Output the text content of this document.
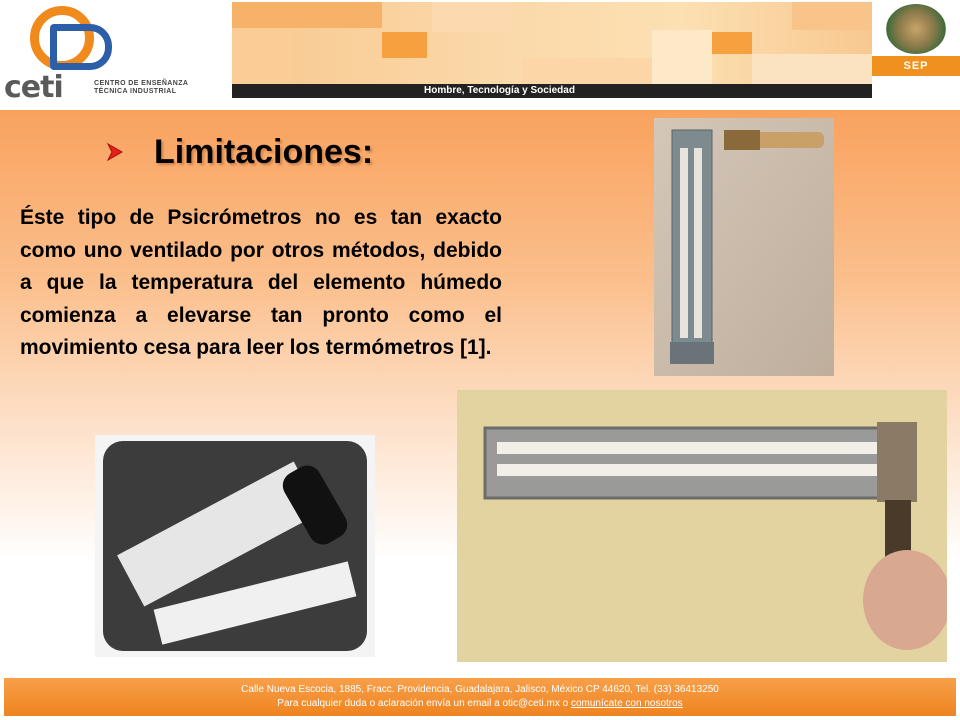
ceti	CENTRO DE ENSEÑANZA
TÉCNICA INDUSTRIAL	Hombre, Tecnología y Sociedad
SEP
Limitaciones:
Éste tipo de Psicrómetros no es tan exacto como uno ventilado por otros métodos, debido a que la temperatura del elemento húmedo comienza a elevarse tan pronto como el movimiento cesa para leer los termómetros [1].
Calle Nueva Escocia, 1885, Fracc. Providencia, Guadalajara, Jalisco, México CP 44620, Tel. (33) 36413250
Para cualquier duda o aclaración envía un email a otic@ceti.mx o comunícate con nosotros
